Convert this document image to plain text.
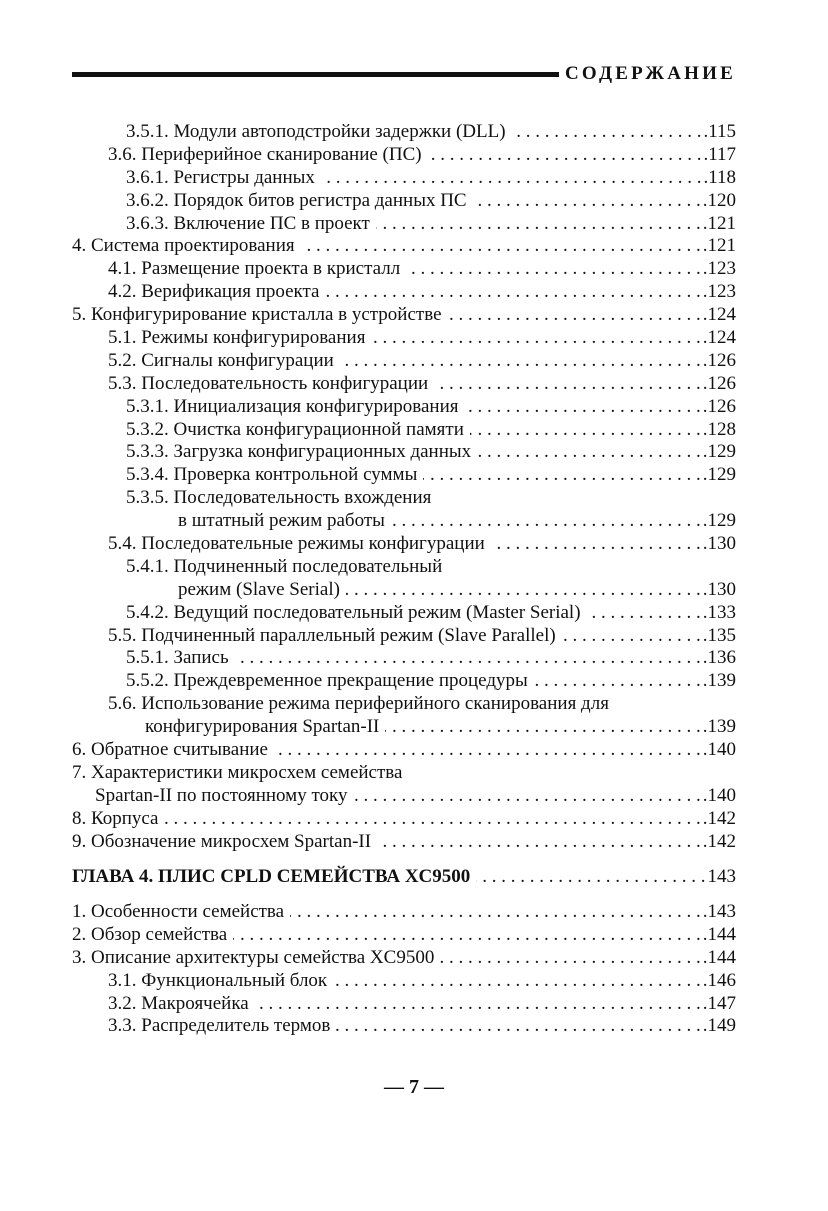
СОДЕРЖАНИЕ
3.5.1. Модули автоподстройки задержки (DLL) . . .	.115
3.6. Периферийное сканирование (ПС) . . .	.117
3.6.1. Регистры данных . . .	.118
3.6.2. Порядок битов регистра данных ПС . . .	.120
3.6.3. Включение ПС в проект . . .	.121
4. Система проектирования . . .	.121
4.1. Размещение проекта в кристалл . . .	.123
4.2. Верификация проекта . . .	.123
5. Конфигурирование кристалла в устройстве . . .	.124
5.1. Режимы конфигурирования . . .	.124
5.2. Сигналы конфигурации . . .	.126
5.3. Последовательность конфигурации . . .	.126
5.3.1. Инициализация конфигурирования . . .	.126
5.3.2. Очистка конфигурационной памяти . . .	.128
5.3.3. Загрузка конфигурационных данных . . .	.129
5.3.4. Проверка контрольной суммы . . .	.129
5.3.5. Последовательность вхождения
в штатный режим работы . . .	.129
5.4. Последовательные режимы конфигурации . . .	.130
5.4.1. Подчиненный последовательный
режим (Slave Serial) . . .	.130
5.4.2. Ведущий последовательный режим (Master Serial) . . .	.133
5.5. Подчиненный параллельный режим (Slave Parallel) . . .	.135
5.5.1. Запись . . .	.136
5.5.2. Преждевременное прекращение процедуры . . .	.139
5.6. Использование режима периферийного сканирования для
конфигурирования Spartan-II . . .	.139
6. Обратное считывание . . .	.140
7. Характеристики микросхем семейства
Spartan-II по постоянному току . . .	.140
8. Корпуса . . .	.142
9. Обозначение микросхем Spartan-II . . .	.142
ГЛАВА 4. ПЛИС CPLD СЕМЕЙСТВА XC9500 . . .	143
1. Особенности семейства . . .	.143
2. Обзор семейства . . .	.144
3. Описание архитектуры семейства XC9500 . . .	.144
3.1. Функциональный блок . . .	.146
3.2. Макроячейка . . .	.147
3.3. Распределитель термов . . .	.149
— 7 —
